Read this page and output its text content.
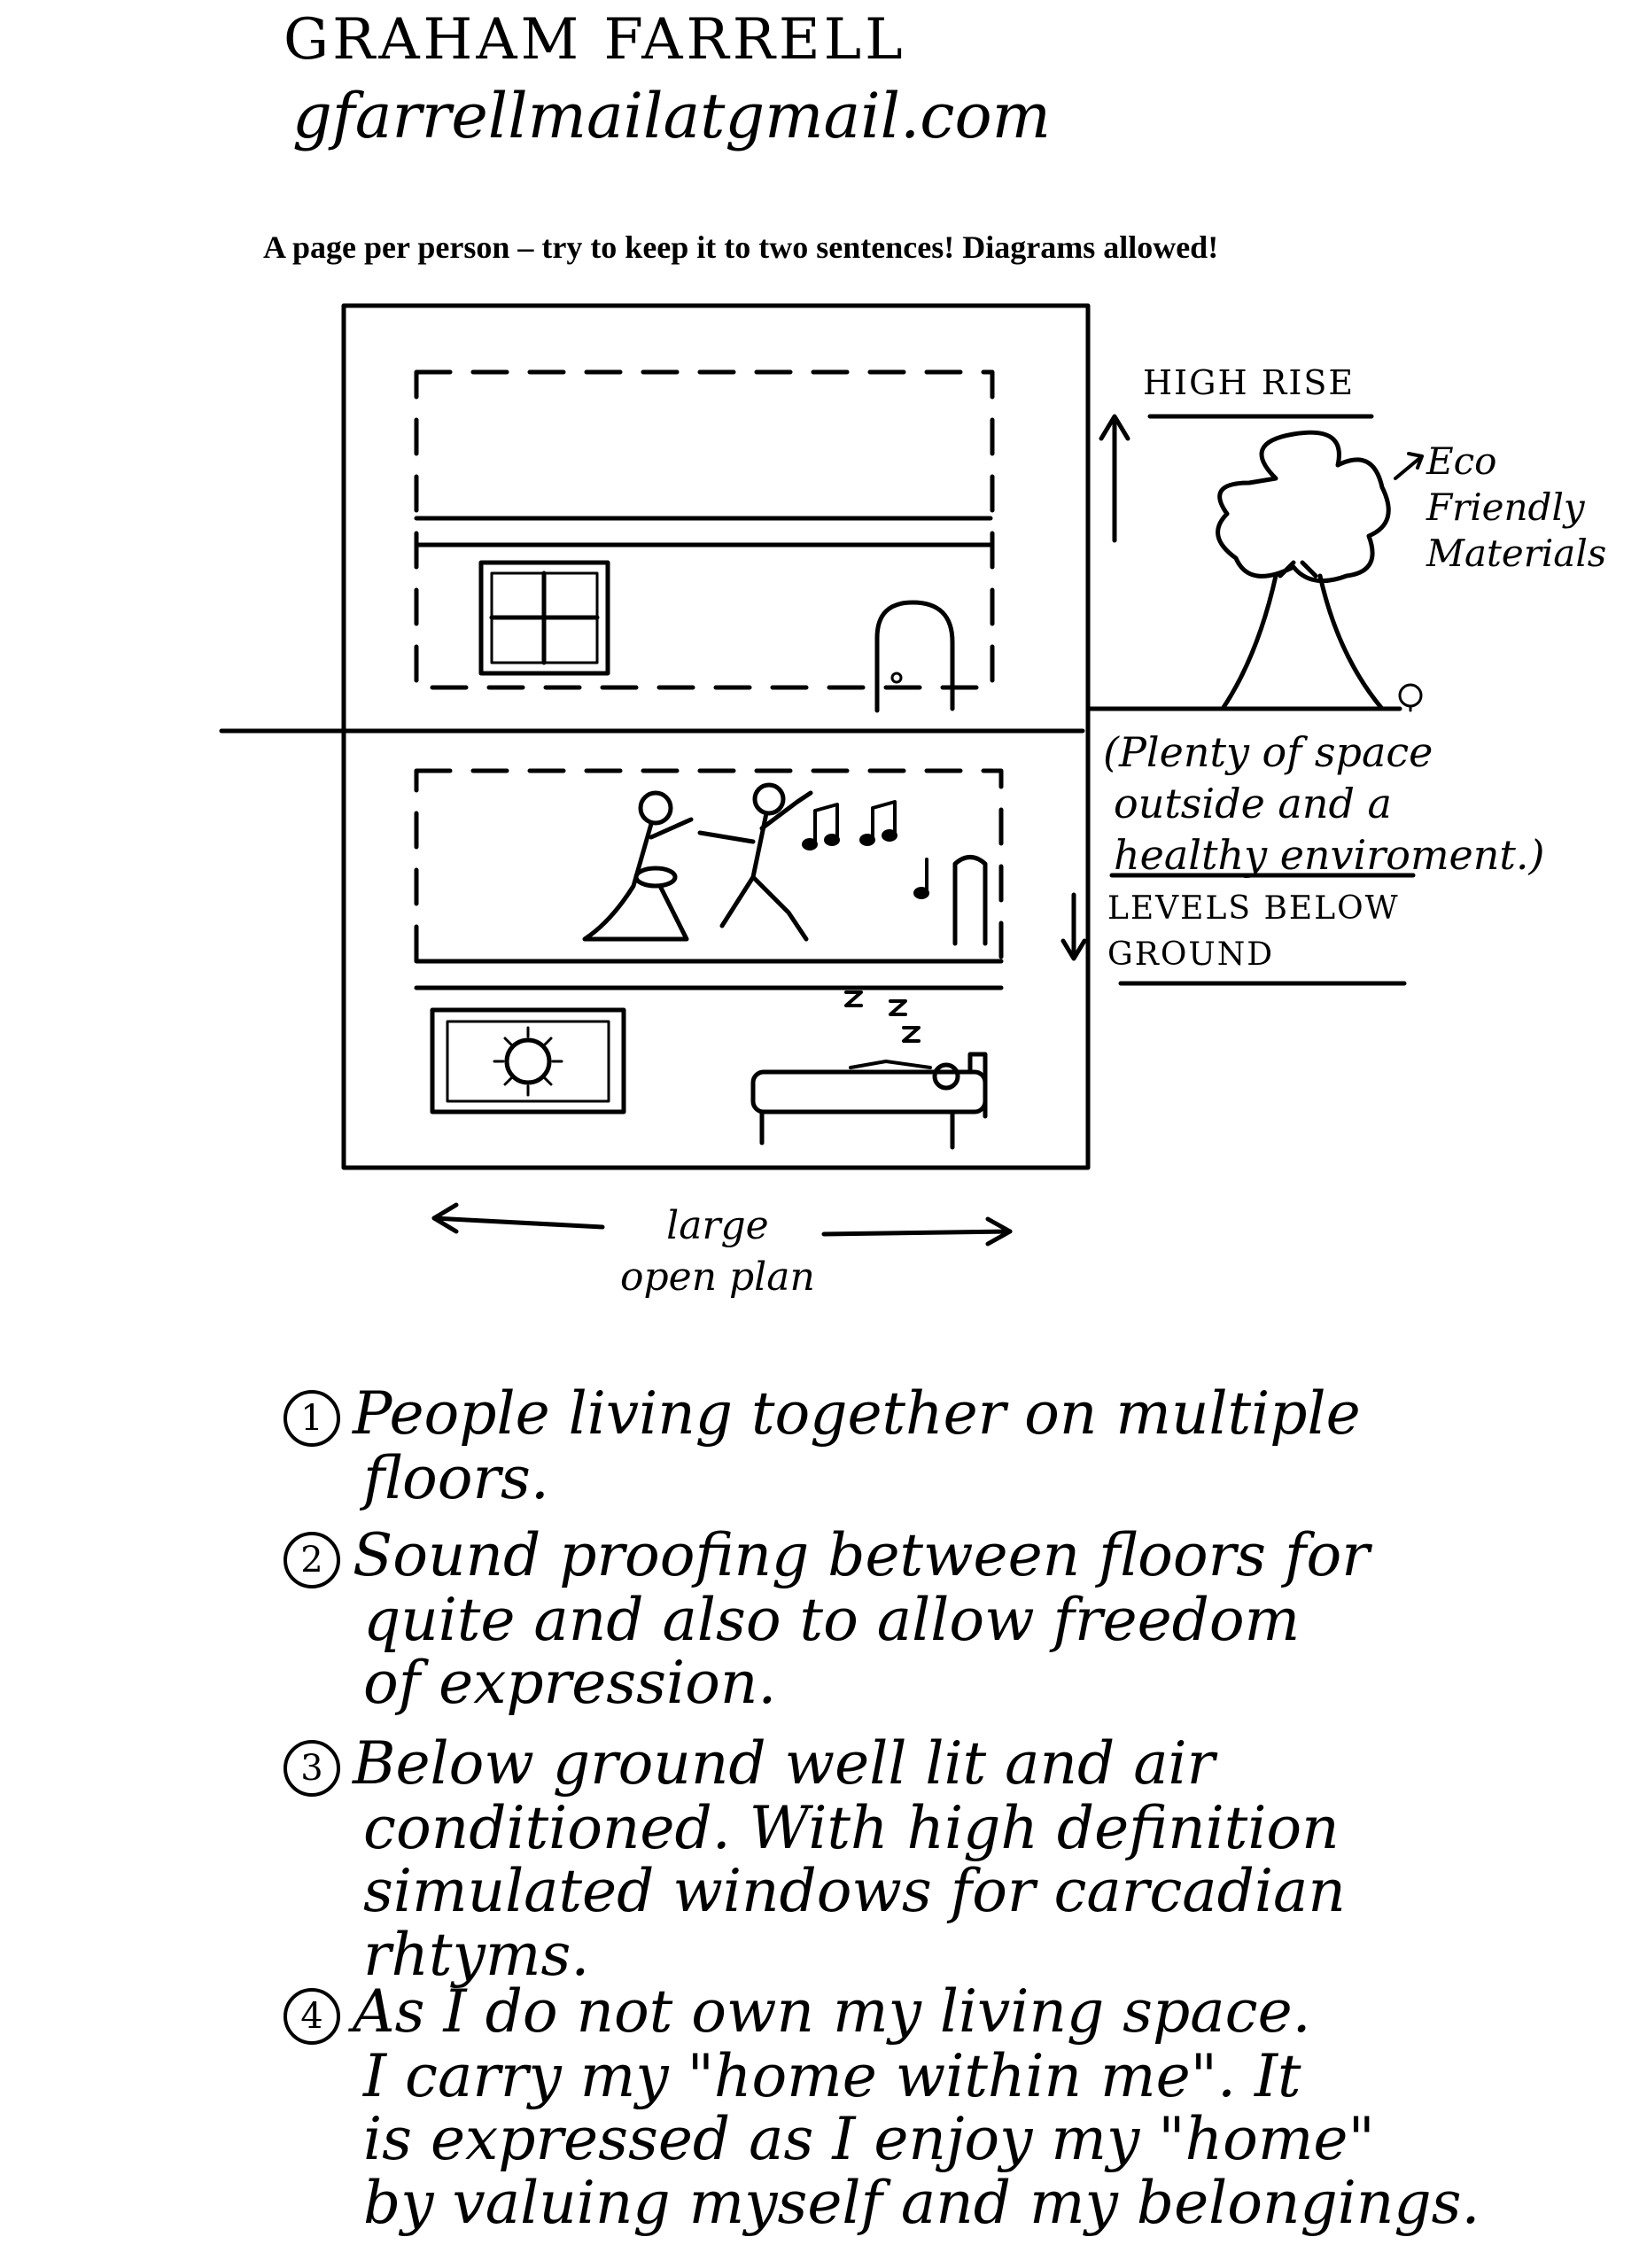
GRAHAM FARRELL
gfarrellmailatgmail.com
A page per person – try to keep it to two sentences! Diagrams allowed!
HIGH RISE
Eco
Friendly
Materials
(Plenty of space
outside and a
healthy enviroment.)
LEVELS BELOW
GROUND
large
open plan
1 People living together on multiple
floors.
2 Sound proofing between floors for
quite and also to allow freedom
of expression.
3 Below ground well lit and air
conditioned. With high definition
simulated windows for carcadian
rhtyms.
4 As I do not own my living space.
I carry my "home within me". It
is expressed as I enjoy my "home"
by valuing myself and my belongings.
